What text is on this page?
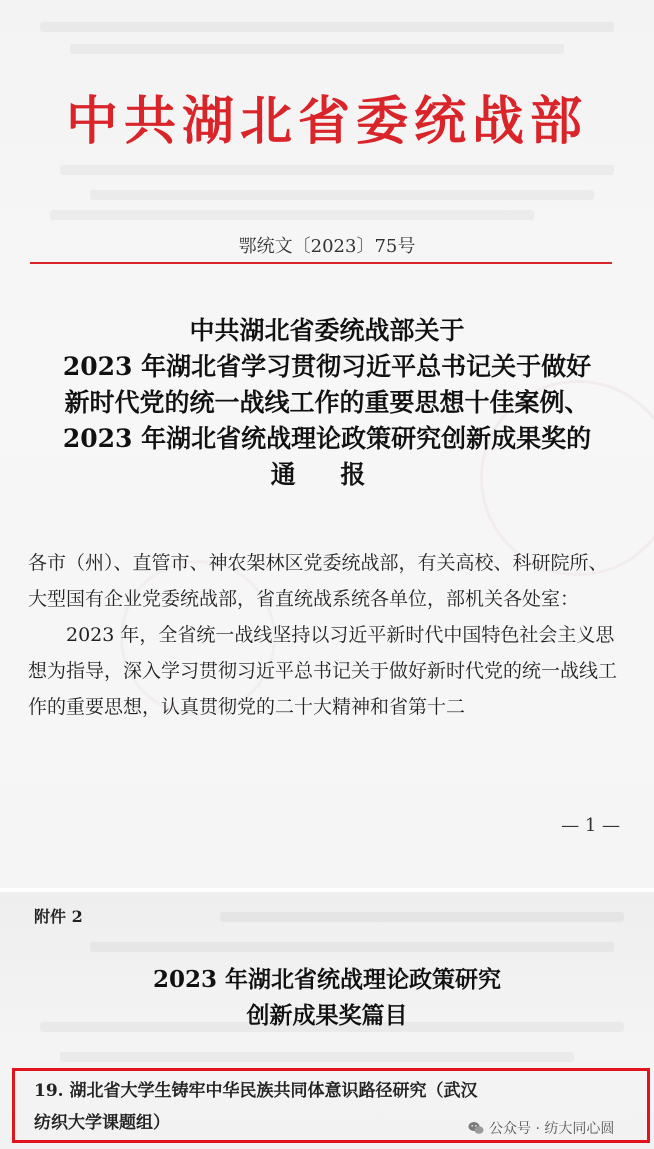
中共湖北省委统战部
鄂统文〔2023〕75号
中共湖北省委统战部关于
2023 年湖北省学习贯彻习近平总书记关于做好
新时代党的统一战线工作的重要思想十佳案例、
2023 年湖北省统战理论政策研究创新成果奖的
通 报

各市（州）、直管市、神农架林区党委统战部，有关高校、科研院所、大型国有企业党委统战部，省直统战系统各单位，部机关各处室：

2023 年，全省统一战线坚持以习近平新时代中国特色社会主义思想为指导，深入学习贯彻习近平总书记关于做好新时代党的统一战线工作的重要思想，认真贯彻党的二十大精神和省第十二

— 1 —
附件 2
2023 年湖北省统战理论政策研究
创新成果奖篇目
19. 湖北省大学生铸牢中华民族共同体意识路径研究（武汉
纺织大学课题组）	公众号 · 纺大同心圆
